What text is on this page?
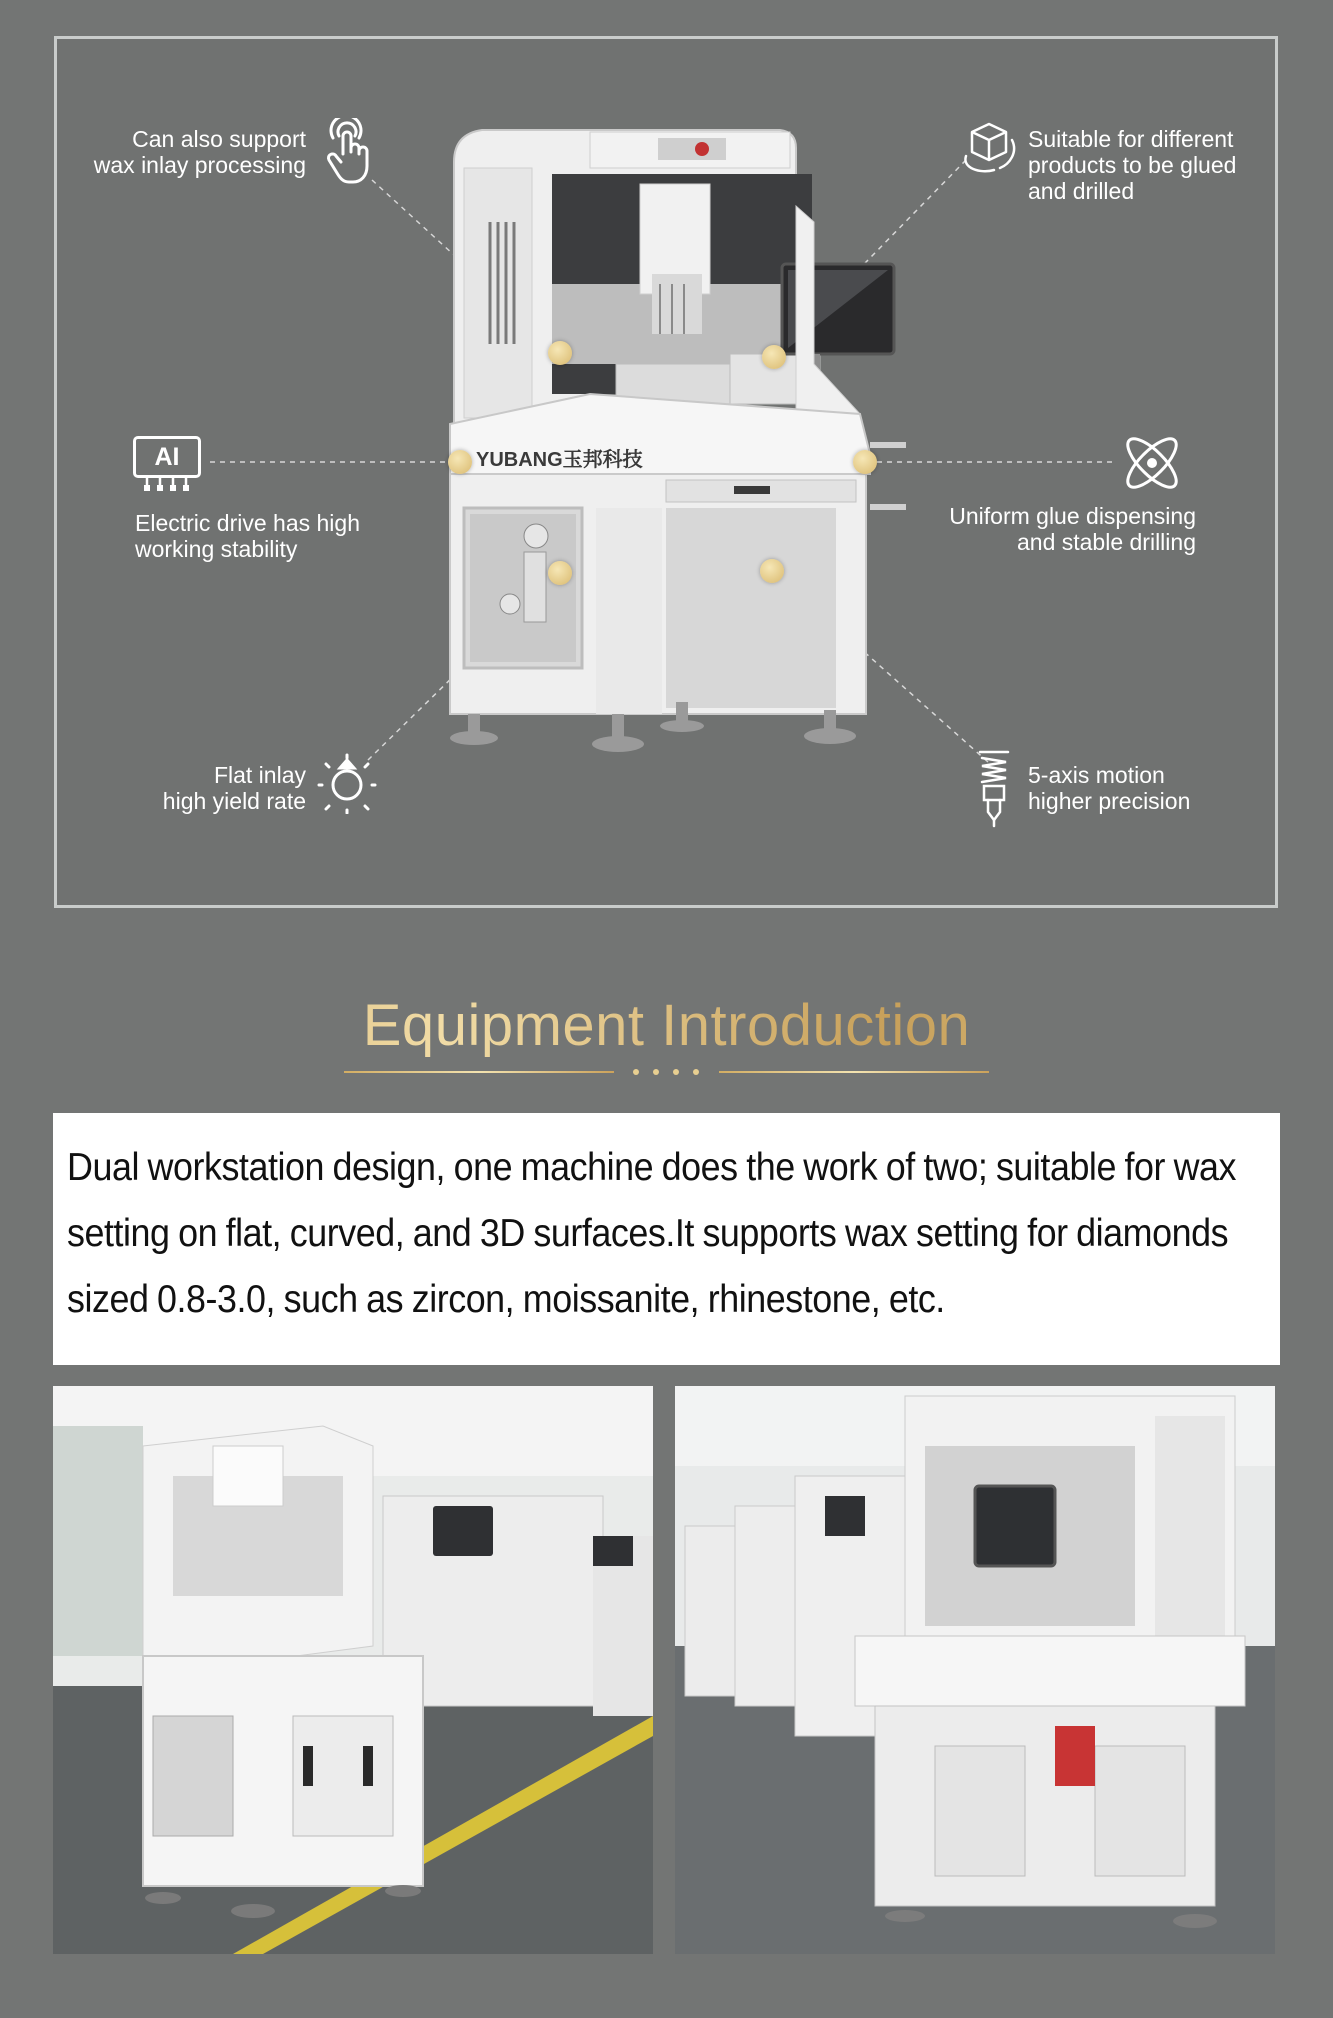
Can also support
wax inlay processing
Suitable for different
products to be glued
and drilled
AI
Electric drive has high
working stability
Uniform glue dispensing
and stable drilling
Flat inlay
high yield rate
5-axis motion
higher precision
YUBANG玉邦科技
Equipment Introduction
Dual workstation design, one machine does the work of two; suitable for wax
setting on flat, curved, and 3D surfaces.It supports wax setting for diamonds
sized 0.8-3.0, such as zircon, moissanite, rhinestone, etc.
